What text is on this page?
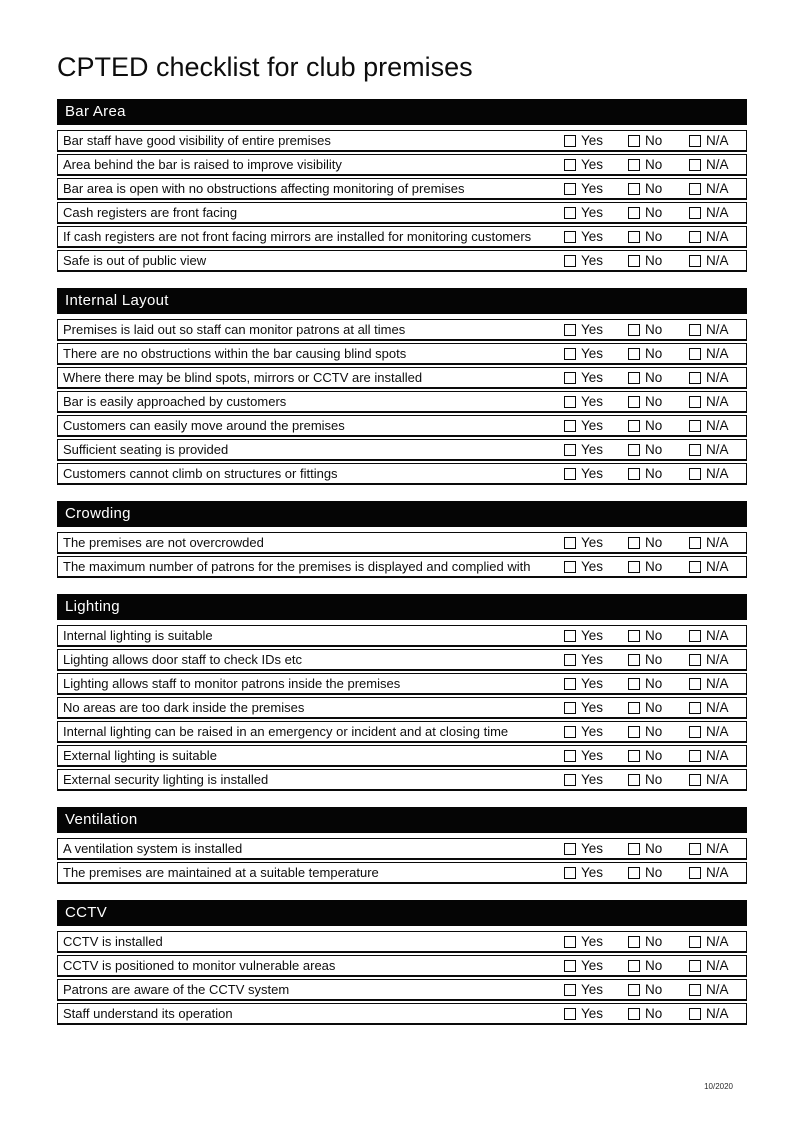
CPTED checklist for club premises
Bar Area
Bar staff have good visibility of entire premises	Yes	No	N/A
Area behind the bar is raised to improve visibility	Yes	No	N/A
Bar area is open with no obstructions affecting monitoring of premises	Yes	No	N/A
Cash registers are front facing	Yes	No	N/A
If cash registers are not front facing mirrors are installed for monitoring customers	Yes	No	N/A
Safe is out of public view	Yes	No	N/A
Internal Layout
Premises is laid out so staff can monitor patrons at all times	Yes	No	N/A
There are no obstructions within the bar causing blind spots	Yes	No	N/A
Where there may be blind spots, mirrors or CCTV are installed	Yes	No	N/A
Bar is easily approached by customers	Yes	No	N/A
Customers can easily move around the premises	Yes	No	N/A
Sufficient seating is provided	Yes	No	N/A
Customers cannot climb on structures or fittings	Yes	No	N/A
Crowding
The premises are not overcrowded	Yes	No	N/A
The maximum number of patrons for the premises is displayed and complied with	Yes	No	N/A
Lighting
Internal lighting is suitable	Yes	No	N/A
Lighting allows door staff to check IDs etc	Yes	No	N/A
Lighting allows staff to monitor patrons inside the premises	Yes	No	N/A
No areas are too dark inside the premises	Yes	No	N/A
Internal lighting can be raised in an emergency or incident and at closing time	Yes	No	N/A
External lighting is suitable	Yes	No	N/A
External security lighting is installed	Yes	No	N/A
Ventilation
A ventilation system is installed	Yes	No	N/A
The premises are maintained at a suitable temperature	Yes	No	N/A
CCTV
CCTV is installed	Yes	No	N/A
CCTV is positioned to monitor vulnerable areas	Yes	No	N/A
Patrons are aware of the CCTV system	Yes	No	N/A
Staff understand its operation	Yes	No	N/A
10/2020
